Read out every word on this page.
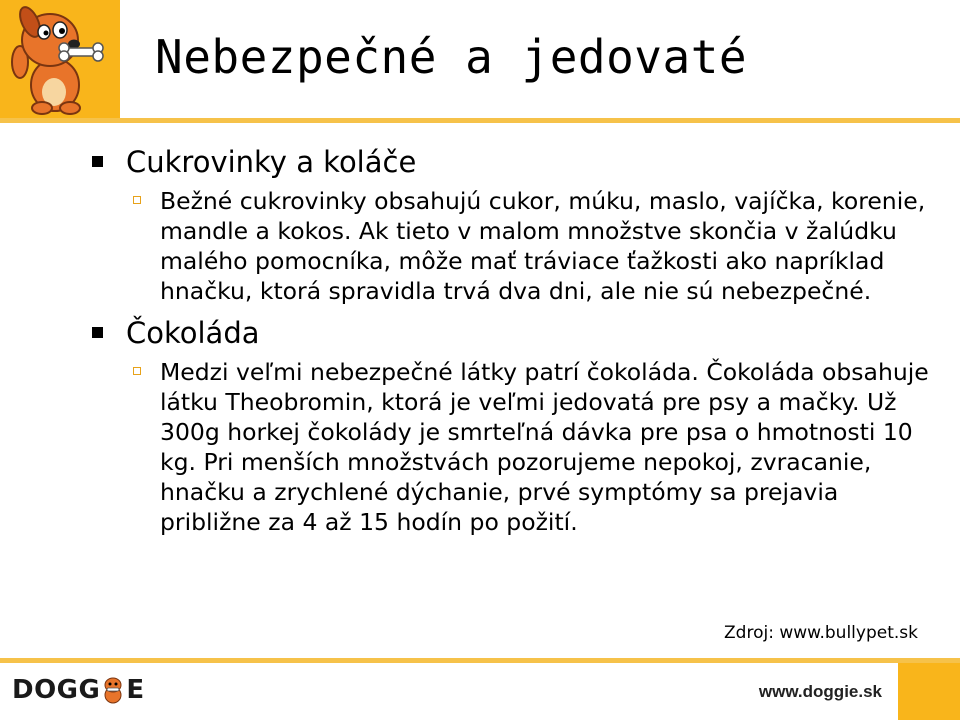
Nebezpečné a jedovaté
Cukrovinky a koláče
Bežné cukrovinky obsahujú cukor, múku, maslo, vajíčka, korenie, mandle a kokos. Ak tieto v malom množstve skončia v žalúdku malého pomocníka, môže mať tráviace ťažkosti ako napríklad hnačku, ktorá spravidla trvá dva dni, ale nie sú nebezpečné.
Čokoláda
Medzi veľmi nebezpečné látky patrí čokoláda. Čokoláda obsahuje látku Theobromin, ktorá je veľmi jedovatá pre psy a mačky. Už 300g horkej čokolády je smrteľná dávka pre psa o hmotnosti 10 kg. Pri menších množstvách pozorujeme nepokoj, zvracanie, hnačku a zrychlené dýchanie, prvé symptómy sa prejavia približne za 4 až 15 hodín po požití.
Zdroj: www.bullypet.sk
DOGG E	www.doggie.sk
